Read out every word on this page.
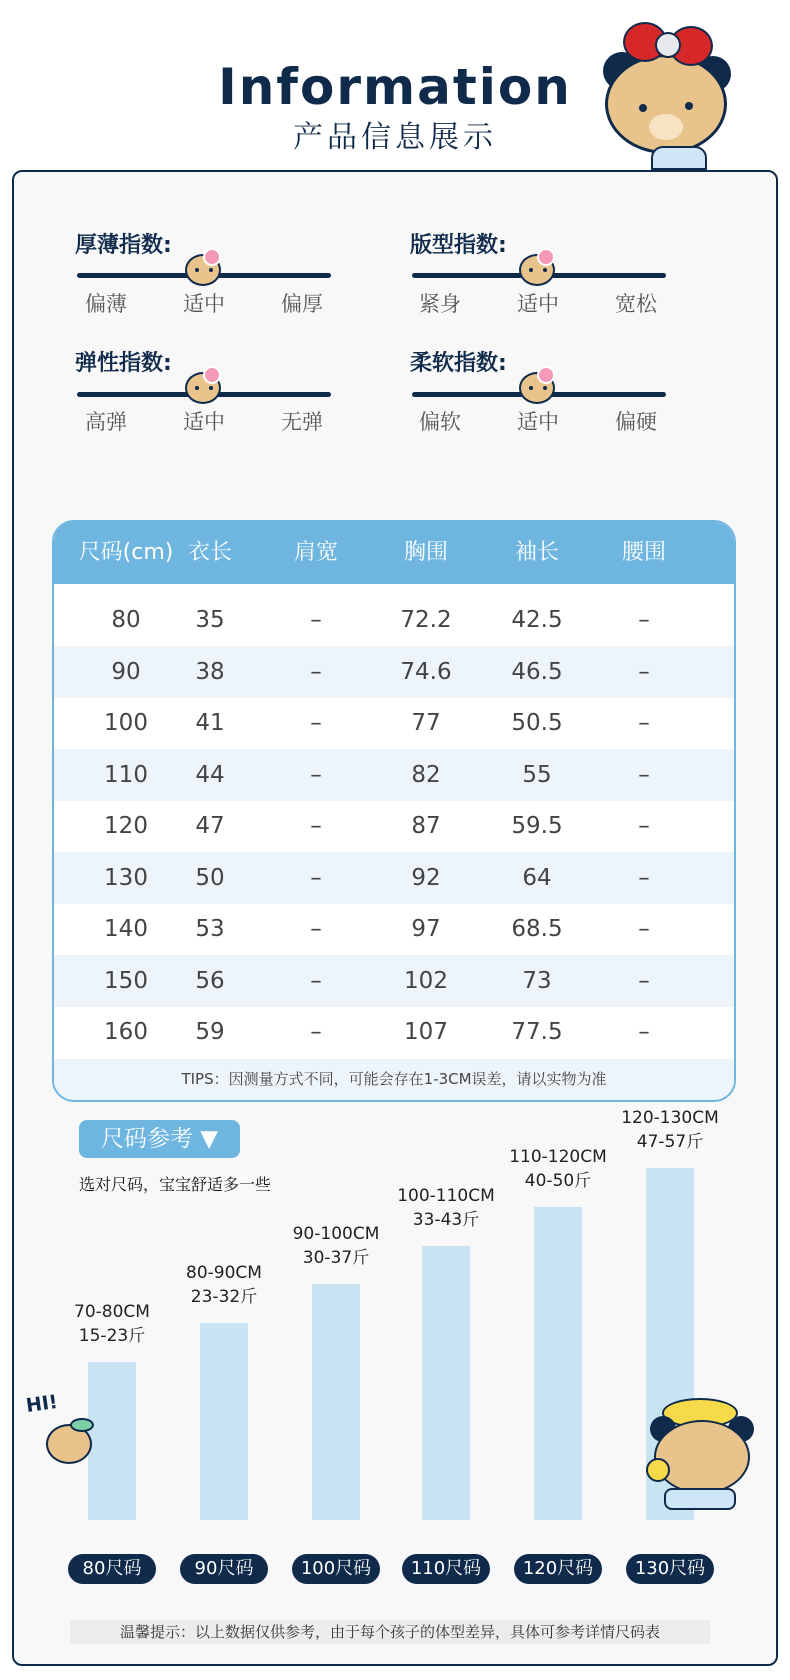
Information
产品信息展示
厚薄指数:
偏薄	适中	偏厚
版型指数:
紧身	适中	宽松
弹性指数:
高弹	适中	无弹
柔软指数:
偏软	适中	偏硬
尺码(cm) 衣长	肩宽	胸围	袖长	腰围
80	35	–	72.2	42.5	–
90	38	–	74.6	46.5	–
100	41	–	77	50.5	–
110	44	–	82	55	–
120	47	–	87	59.5	–
130	50	–	92	64	–
140	53	–	97	68.5	–
150	56	–	102	73	–
160	59	–	107	77.5	–
TIPS：因测量方式不同，可能会存在1-3CM误差，请以实物为准
尺码参考 ▼
选对尺码，宝宝舒适多一些
70-80CM
15-23斤
80尺码
80-90CM
23-32斤
90尺码
90-100CM
30-37斤
100尺码
100-110CM
33-43斤
110尺码
110-120CM
40-50斤
120尺码
120-130CM
47-57斤
130尺码
HI!
温馨提示：以上数据仅供参考，由于每个孩子的体型差异，具体可参考详情尺码表
